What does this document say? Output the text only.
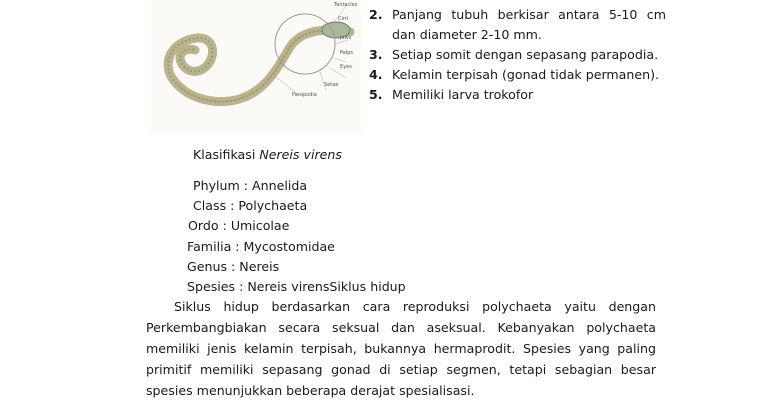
Tentacles
Cirri
Jaws
Palps
Eyes
Setae
Parapodia
2. Panjang tubuh berkisar antara 5-10 cm
dan diameter 2-10 mm.
3. Setiap somit dengan sepasang parapodia.
4. Kelamin terpisah (gonad tidak permanen).
5. Memiliki larva trokofor
Klasifikasi Nereis virens
Phylum : Annelida
Class : Polychaeta
Ordo : Umicolae
Familia : Mycostomidae
Genus : Nereis
Spesies : Nereis virensSiklus hidup

Siklus hidup berdasarkan cara reproduksi polychaeta yaitu dengan Perkembangbiakan secara seksual dan aseksual. Kebanyakan polychaeta memiliki jenis kelamin terpisah, bukannya hermaprodit. Spesies yang paling primitif memiliki sepasang gonad di setiap segmen, tetapi sebagian besar spesies menunjukkan beberapa derajat spesialisasi.
